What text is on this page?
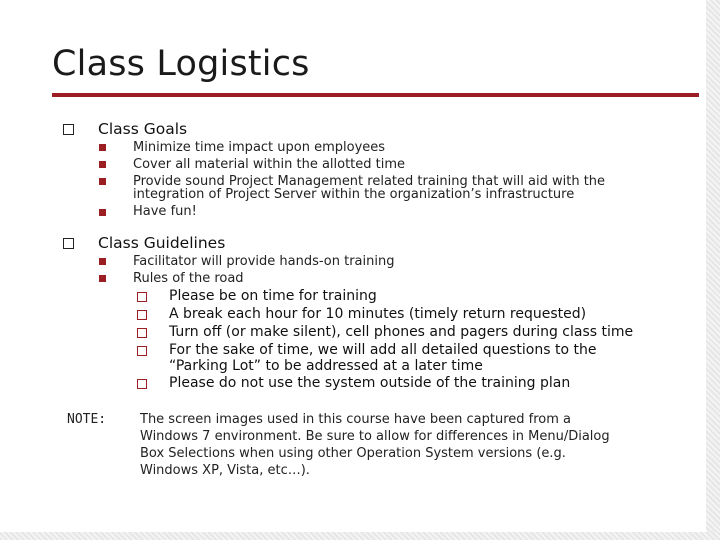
Class Logistics
Class Goals
Minimize time impact upon employees
Cover all material within the allotted time
Provide sound Project Management related training that will aid with the
integration of Project Server within the organization’s infrastructure
Have fun!
Class Guidelines
Facilitator will provide hands-on training
Rules of the road
Please be on time for training
A break each hour for 10 minutes (timely return requested)
Turn off (or make silent), cell phones and pagers during class time
For the sake of time, we will add all detailed questions to the
“Parking Lot” to be addressed at a later time
Please do not use the system outside of the training plan
NOTE:	The screen images used in this course have been captured from a
Windows 7 environment. Be sure to allow for differences in Menu/Dialog
Box Selections when using other Operation System versions (e.g.
Windows XP, Vista, etc…).
